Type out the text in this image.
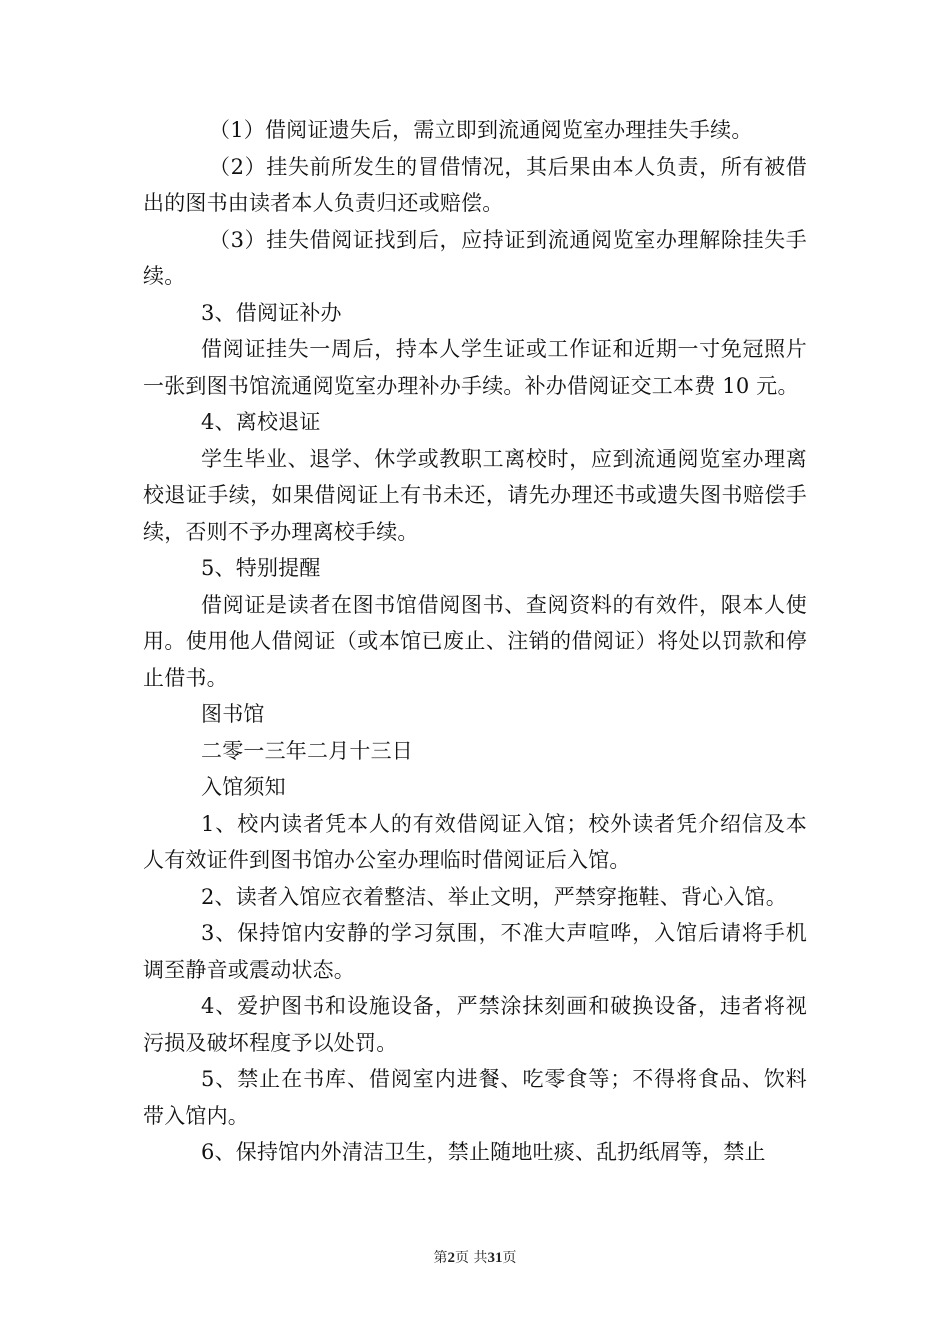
（1）借阅证遗失后，需立即到流通阅览室办理挂失手续。

（2）挂失前所发生的冒借情况，其后果由本人负责，所有被借出的图书由读者本人负责归还或赔偿。

（3）挂失借阅证找到后，应持证到流通阅览室办理解除挂失手续。

3、借阅证补办

借阅证挂失一周后，持本人学生证或工作证和近期一寸免冠照片一张到图书馆流通阅览室办理补办手续。补办借阅证交工本费 10 元。

4、离校退证

学生毕业、退学、休学或教职工离校时，应到流通阅览室办理离校退证手续，如果借阅证上有书未还，请先办理还书或遗失图书赔偿手续，否则不予办理离校手续。

5、特别提醒

借阅证是读者在图书馆借阅图书、查阅资料的有效件，限本人使用。使用他人借阅证（或本馆已废止、注销的借阅证）将处以罚款和停止借书。

图书馆

二零一三年二月十三日

入馆须知

1、校内读者凭本人的有效借阅证入馆；校外读者凭介绍信及本人有效证件到图书馆办公室办理临时借阅证后入馆。

2、读者入馆应衣着整洁、举止文明，严禁穿拖鞋、背心入馆。

3、保持馆内安静的学习氛围，不准大声喧哗，入馆后请将手机调至静音或震动状态。

4、爱护图书和设施设备，严禁涂抹刻画和破换设备，违者将视污损及破坏程度予以处罚。

5、禁止在书库、借阅室内进餐、吃零食等；不得将食品、饮料带入馆内。

6、保持馆内外清洁卫生，禁止随地吐痰、乱扔纸屑等，禁止

第2页 共31页
